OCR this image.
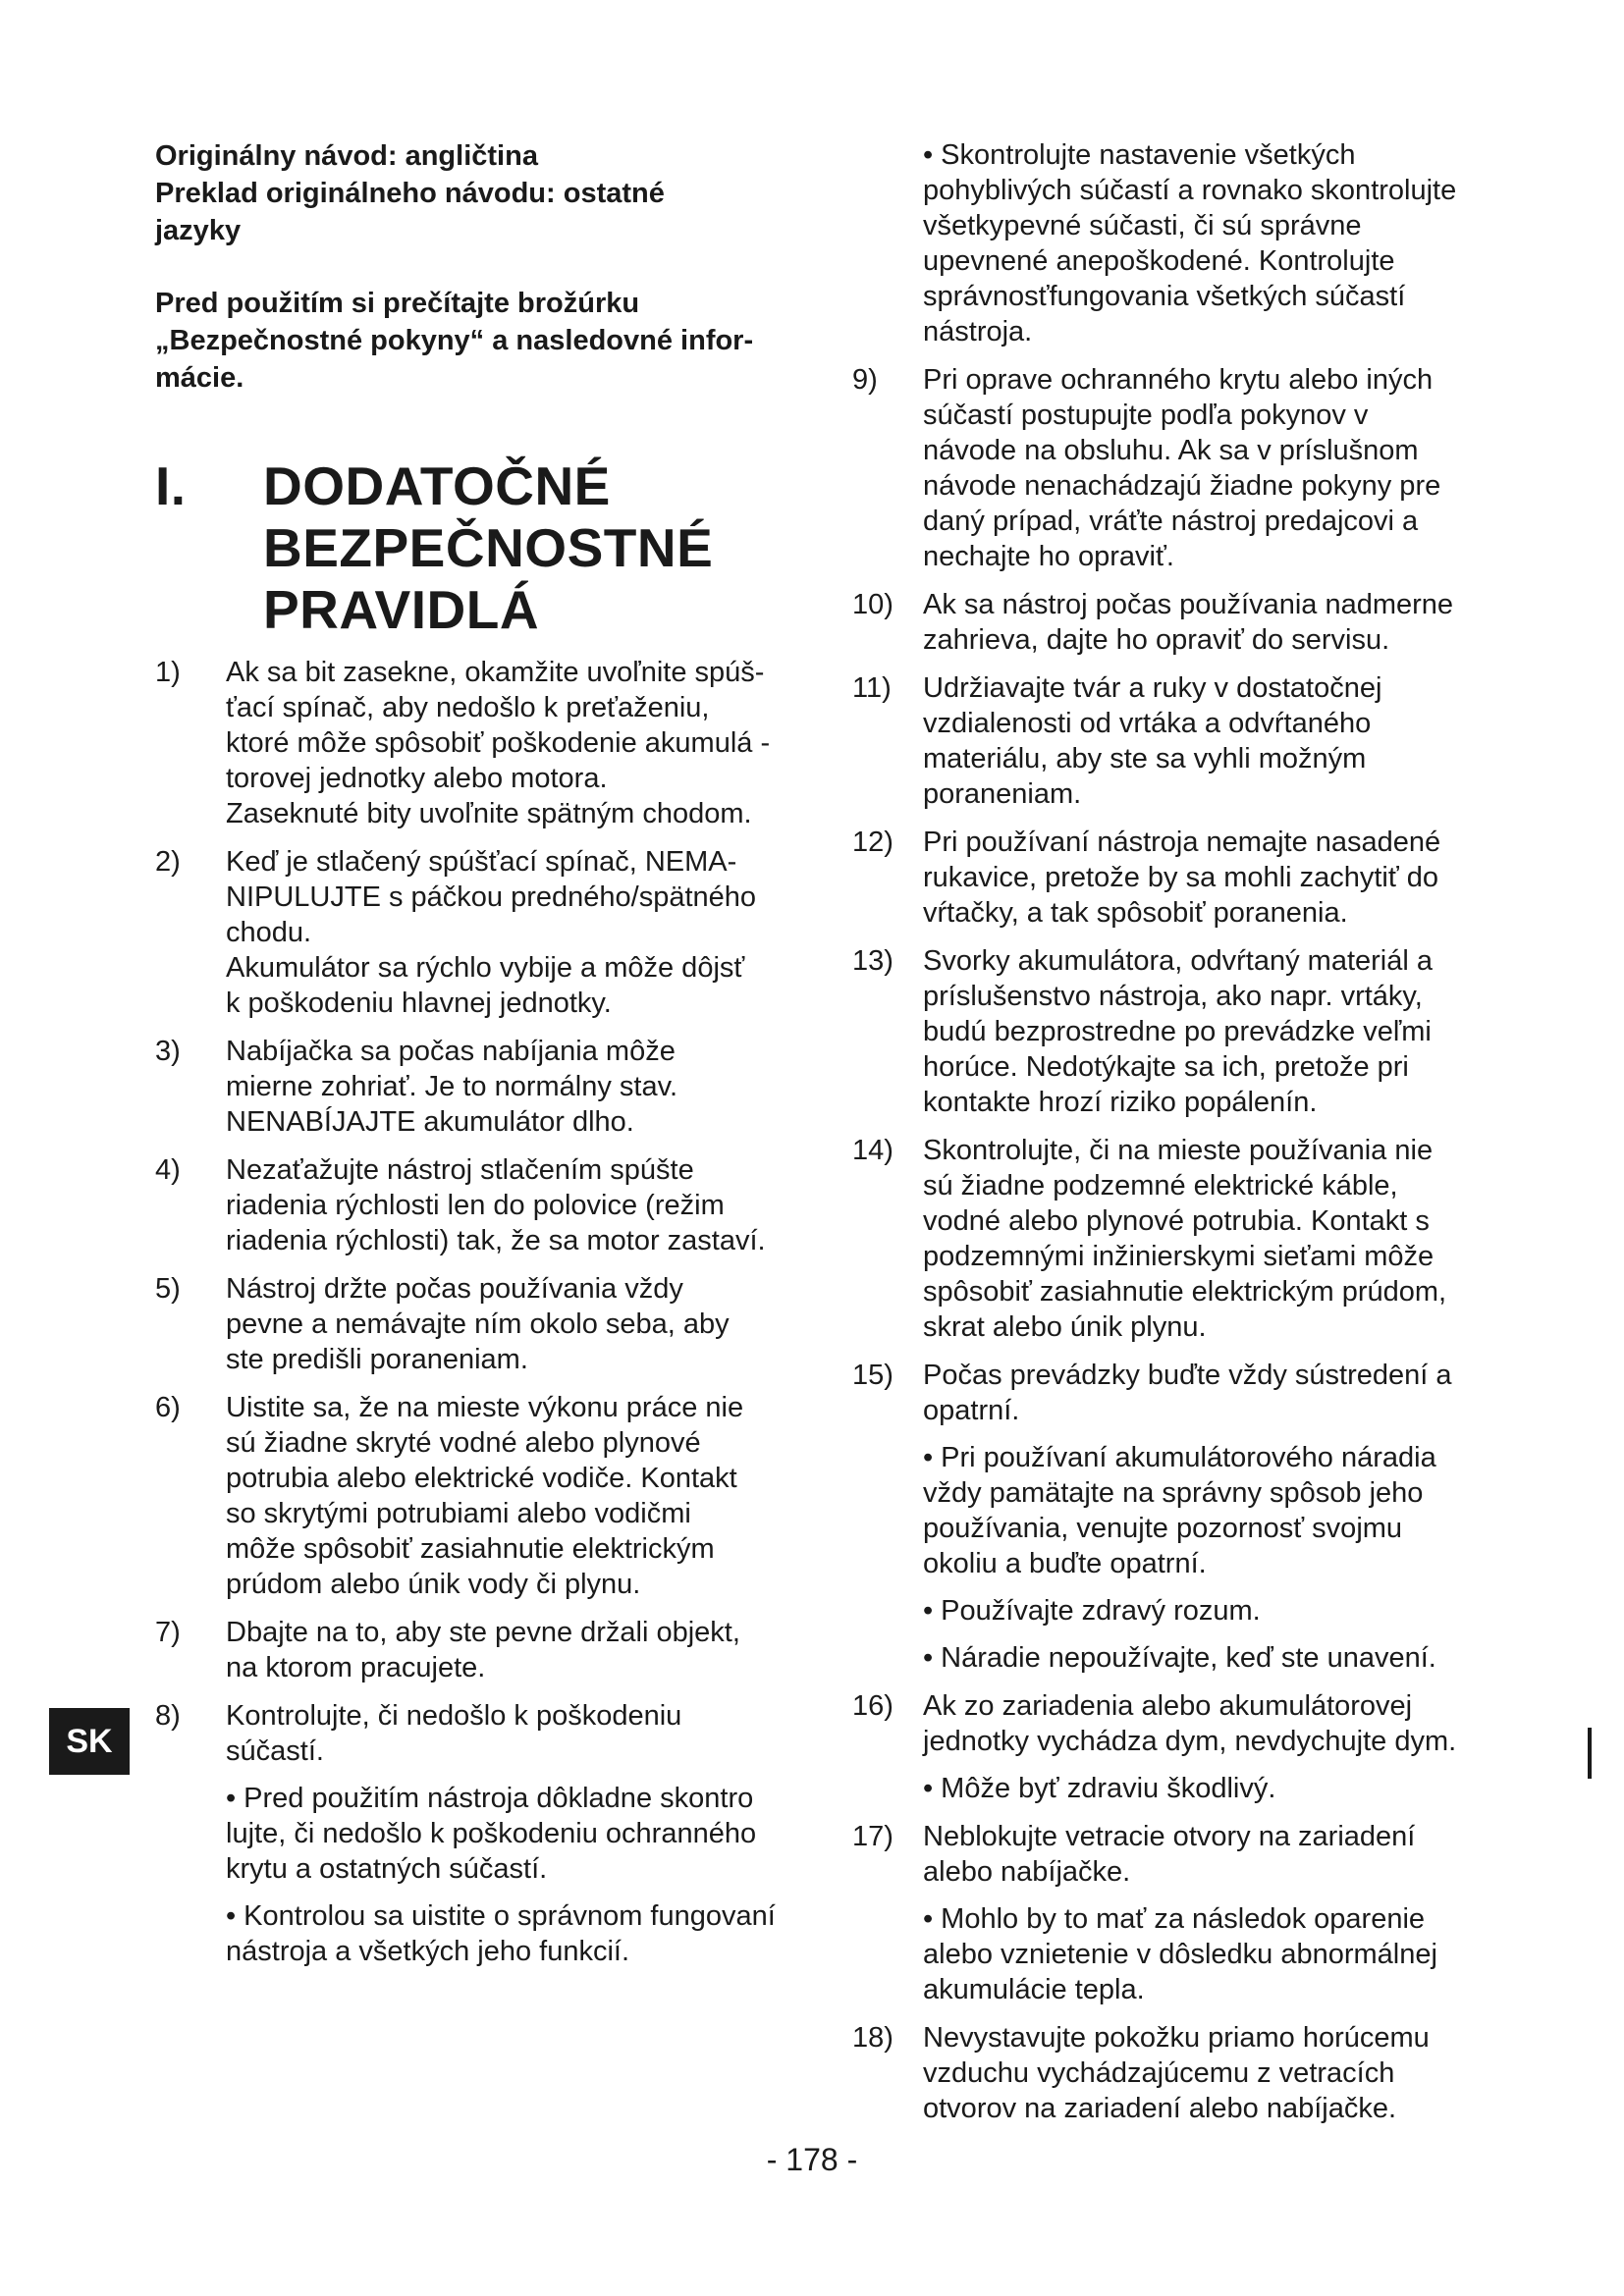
Originálny návod: angličtina
Preklad originálneho návodu: ostatné
jazyky
Pred použitím si prečítajte brožúrku
„Bezpečnostné pokyny“ a nasledovné infor-
mácie.
I. DODATOČNÉ
BEZPEČNOSTNÉ
PRAVIDLÁ
1) Ak sa bit zasekne, okamžite uvoľnite spúš-
ťací spínač, aby nedošlo k preťaženiu,
ktoré môže spôsobiť poškodenie akumulá -
torovej jednotky alebo motora.
Zaseknuté bity uvoľnite spätným chodom.
2) Keď je stlačený spúšťací spínač, NEMA-
NIPULUJTE s páčkou predného/spätného
chodu.
Akumulátor sa rýchlo vybije a môže dôjsť
k poškodeniu hlavnej jednotky.
3) Nabíjačka sa počas nabíjania môže
mierne zohriať. Je to normálny stav.
NENABÍJAJTE akumulátor dlho.
4) Nezaťažujte nástroj stlačením spúšte
riadenia rýchlosti len do polovice (režim
riadenia rýchlosti) tak, že sa motor zastaví.
5) Nástroj držte počas používania vždy
pevne a nemávajte ním okolo seba, aby
ste predišli poraneniam.
6) Uistite sa, že na mieste výkonu práce nie
sú žiadne skryté vodné alebo plynové
potrubia alebo elektrické vodiče. Kontakt
so skrytými potrubiami alebo vodičmi
môže spôsobiť zasiahnutie elektrickým
prúdom alebo únik vody či plynu.
7) Dbajte na to, aby ste pevne držali objekt,
na ktorom pracujete.
8) Kontrolujte, či nedošlo k poškodeniu
súčastí.
• Pred použitím nástroja dôkladne skontro
lujte, či nedošlo k poškodeniu ochranného
krytu a ostatných súčastí.
• Kontrolou sa uistite o správnom fungovaní
nástroja a všetkých jeho funkcií.
• Skontrolujte nastavenie všetkých pohyblivých súčastí a rovnako skontrolujte všetkypevné súčasti, či sú správne upevnené anepoškodené. Kontrolujte správnosťfungovania všetkých súčastí nástroja.
9) Pri oprave ochranného krytu alebo iných
súčastí postupujte podľa pokynov v
návode na obsluhu. Ak sa v príslušnom
návode nenachádzajú žiadne pokyny pre
daný prípad, vráťte nástroj predajcovi a
nechajte ho opraviť.
10) Ak sa nástroj počas používania nadmerne
zahrieva, dajte ho opraviť do servisu.
11) Udržiavajte tvár a ruky v dostatočnej
vzdialenosti od vrtáka a odvŕtaného
materiálu, aby ste sa vyhli možným
poraneniam.
12) Pri používaní nástroja nemajte nasadené
rukavice, pretože by sa mohli zachytiť do
vŕtačky, a tak spôsobiť poranenia.
13) Svorky akumulátora, odvŕtaný materiál a
príslušenstvo nástroja, ako napr. vrtáky,
budú bezprostredne po prevádzke veľmi
horúce. Nedotýkajte sa ich, pretože pri
kontakte hrozí riziko popálenín.
14) Skontrolujte, či na mieste používania nie
sú žiadne podzemné elektrické káble,
vodné alebo plynové potrubia. Kontakt s
podzemnými inžinierskymi sieťami môže
spôsobiť zasiahnutie elektrickým prúdom,
skrat alebo únik plynu.
15) Počas prevádzky buďte vždy sústredení a
opatrní.
• Pri používaní akumulátorového náradia
vždy pamätajte na správny spôsob jeho
používania, venujte pozornosť svojmu
okoliu a buďte opatrní.
• Používajte zdravý rozum.
• Náradie nepoužívajte, keď ste unavení.
16) Ak zo zariadenia alebo akumulátorovej
jednotky vychádza dym, nevdychujte dym.
• Môže byť zdraviu škodlivý.
17) Neblokujte vetracie otvory na zariadení
alebo nabíjačke.
• Mohlo by to mať za následok oparenie
alebo vznietenie v dôsledku abnormálnej
akumulácie tepla.
18) Nevystavujte pokožku priamo horúcemu
vzduchu vychádzajúcemu z vetracích
otvorov na zariadení alebo nabíjačke.
SK
- 178 -
